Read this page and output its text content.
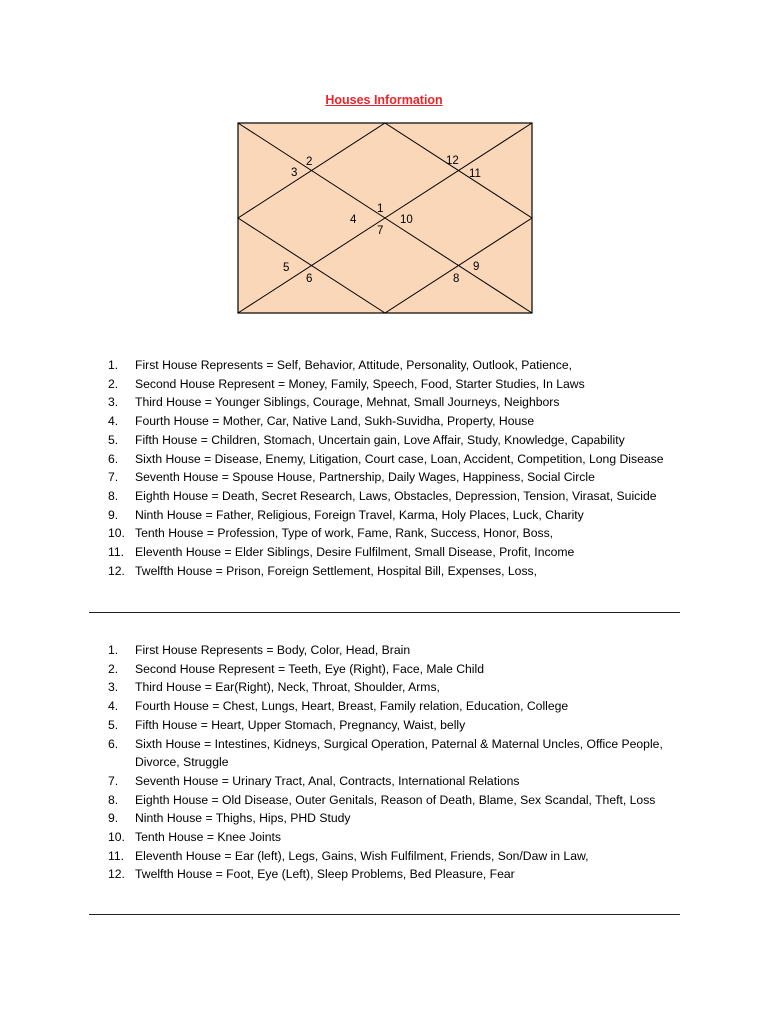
Houses Information
1
2
3
4
5
6
7
8
9
10
11
12
1.	First House Represents = Self, Behavior, Attitude, Personality, Outlook, Patience,
2.	Second House Represent = Money, Family, Speech, Food, Starter Studies, In Laws
3.	Third House = Younger Siblings, Courage, Mehnat, Small Journeys, Neighbors
4.	Fourth House = Mother, Car, Native Land, Sukh-Suvidha, Property, House
5.	Fifth House = Children, Stomach, Uncertain gain, Love Affair, Study, Knowledge, Capability
6.	Sixth House = Disease, Enemy, Litigation, Court case, Loan, Accident, Competition, Long Disease
7.	Seventh House = Spouse House, Partnership, Daily Wages, Happiness, Social Circle
8.	Eighth House = Death, Secret Research, Laws, Obstacles, Depression, Tension, Virasat, Suicide
9.	Ninth House = Father, Religious, Foreign Travel, Karma, Holy Places, Luck, Charity
10. Tenth House = Profession, Type of work, Fame, Rank, Success, Honor, Boss,
11. Eleventh House = Elder Siblings, Desire Fulfilment, Small Disease, Profit, Income
12. Twelfth House = Prison, Foreign Settlement, Hospital Bill, Expenses, Loss,
1.	First House Represents = Body, Color, Head, Brain
2.	Second House Represent = Teeth, Eye (Right), Face, Male Child
3.	Third House = Ear(Right), Neck, Throat, Shoulder, Arms,
4.	Fourth House = Chest, Lungs, Heart, Breast, Family relation, Education, College
5.	Fifth House = Heart, Upper Stomach, Pregnancy, Waist, belly
6.	Sixth House = Intestines, Kidneys, Surgical Operation, Paternal & Maternal Uncles, Office People, Divorce, Struggle
7.	Seventh House = Urinary Tract, Anal, Contracts, International Relations
8.	Eighth House = Old Disease, Outer Genitals, Reason of Death, Blame, Sex Scandal, Theft, Loss
9.	Ninth House = Thighs, Hips, PHD Study
10. Tenth House = Knee Joints
11. Eleventh House = Ear (left), Legs, Gains, Wish Fulfilment, Friends, Son/Daw in Law,
12. Twelfth House = Foot, Eye (Left), Sleep Problems, Bed Pleasure, Fear
